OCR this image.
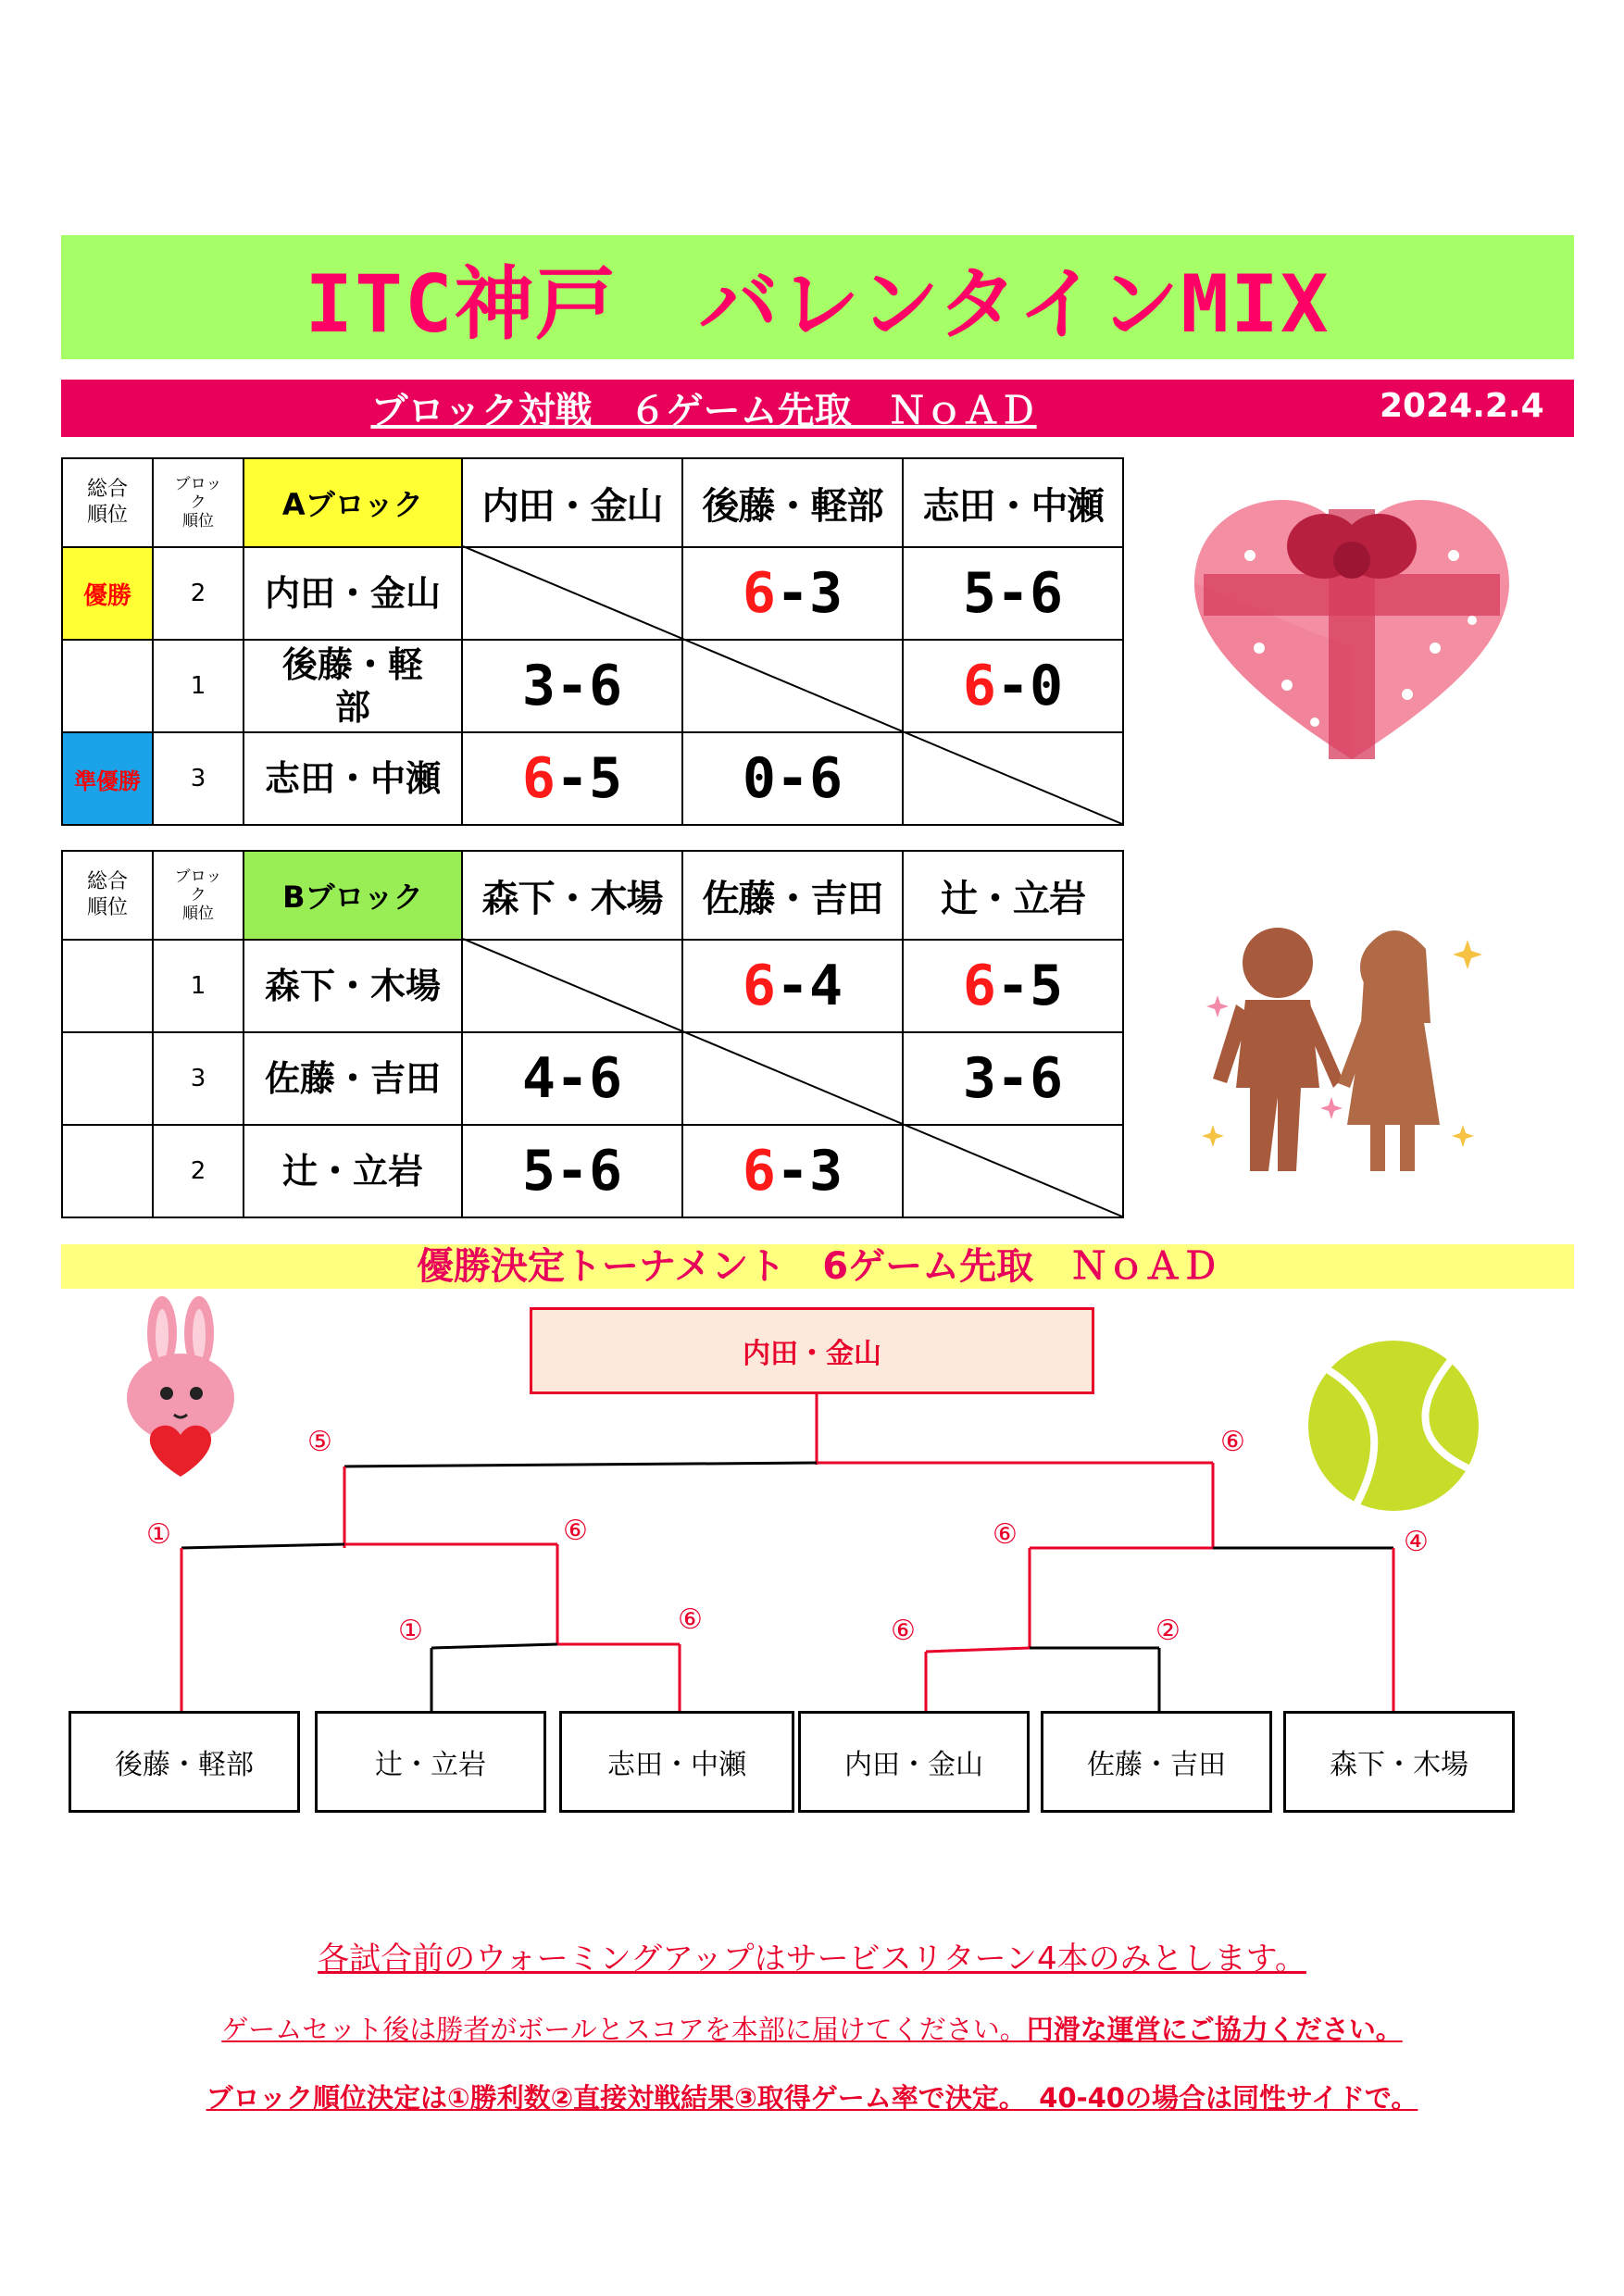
ITC神戸　バレンタインMIX
ブロック対戦　６ゲーム先取　ＮｏＡＤ	2024.2.4
総合
順位	ブロッ
ク
順位	Aブロック	内田・金山	後藤・軽部	志田・中瀬
優勝	2	内田・金山		6-3	5-6
	1	後藤・軽
部	3-6		6-0
準優勝	3	志田・中瀬	6-5	0-6	
総合
順位	ブロッ
ク
順位	Bブロック	森下・木場	佐藤・吉田	辻・立岩
	1	森下・木場		6-4	6-5
	3	佐藤・吉田	4-6		3-6
	2	辻・立岩	5-6	6-3	
優勝決定トーナメント　6ゲーム先取　ＮｏＡＤ
内田・金山
⑤	⑥
①	⑥	⑥	④
①	⑥	⑥	②
後藤・軽部	辻・立岩	志田・中瀬	内田・金山	佐藤・吉田	森下・木場
各試合前のウォーミングアップはサービスリターン4本のみとします。
ゲームセット後は勝者がボールとスコアを本部に届けてください。円滑な運営にご協力ください。
ブロック順位決定は①勝利数②直接対戦結果③取得ゲーム率で決定。　40-40の場合は同性サイドで。
